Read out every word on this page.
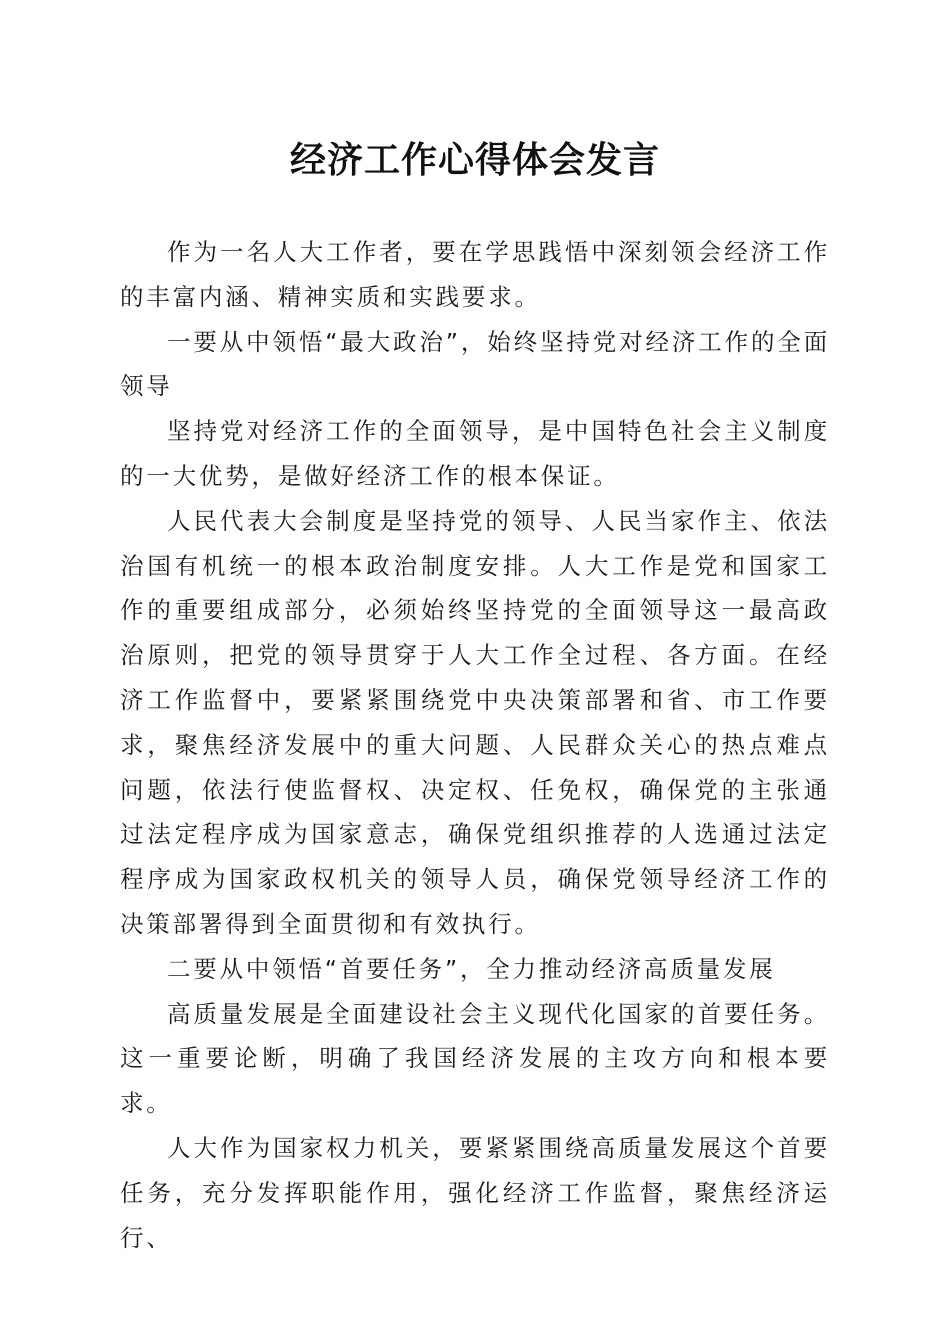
经济工作心得体会发言

作为一名人大工作者，要在学思践悟中深刻领会经济工作的丰富内涵、精神实质和实践要求。

一要从中领悟“最大政治”，始终坚持党对经济工作的全面领导

坚持党对经济工作的全面领导，是中国特色社会主义制度的一大优势，是做好经济工作的根本保证。

人民代表大会制度是坚持党的领导、人民当家作主、依法治国有机统一的根本政治制度安排。人大工作是党和国家工作的重要组成部分，必须始终坚持党的全面领导这一最高政治原则，把党的领导贯穿于人大工作全过程、各方面。在经济工作监督中，要紧紧围绕党中央决策部署和省、市工作要求，聚焦经济发展中的重大问题、人民群众关心的热点难点问题，依法行使监督权、决定权、任免权，确保党的主张通过法定程序成为国家意志，确保党组织推荐的人选通过法定程序成为国家政权机关的领导人员，确保党领导经济工作的决策部署得到全面贯彻和有效执行。

二要从中领悟“首要任务”，全力推动经济高质量发展

高质量发展是全面建设社会主义现代化国家的首要任务。这一重要论断，明确了我国经济发展的主攻方向和根本要求。

人大作为国家权力机关，要紧紧围绕高质量发展这个首要任务，充分发挥职能作用，强化经济工作监督，聚焦经济运行、
